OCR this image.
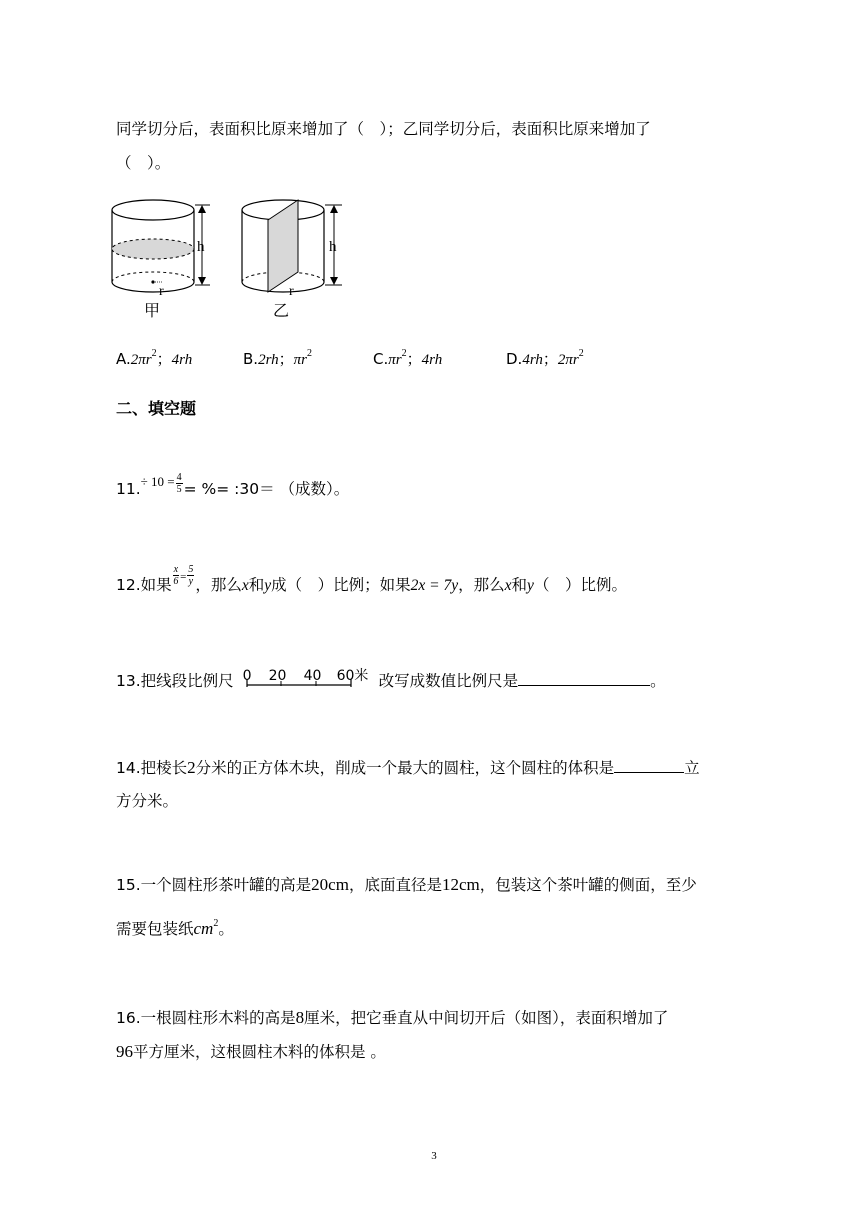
同学切分后，表面积比原来增加了（　）；乙同学切分后，表面积比原来增加了
（　）。
r
h
甲
r
h
乙
$A.2\pi r^2$；4rh	B.2rh；$\pi r^2$	$C.\pi r^2$；4rh	D.4rh；$2\pi r^2$
二、填空题
$11.^{\div 10 =} \frac{4}{5}$ = %= :30＝ （成数）。
12.如果 $\frac{x}{6} ^= \frac{5}{y}$ ，那么x和y成（　）比例；如果2x = 7y，那么x和y（　）比例。
13.把线段比例尺 0 20 40 60米 改写成数值比例尺是	。
14.把棱长2分米的正方体木块，削成一个最大的圆柱，这个圆柱的体积是	立
方分米。
15.一个圆柱形茶叶罐的高是20cm，底面直径是12cm，包装这个茶叶罐的侧面，至少
需要包装纸$cm^2$。
16.一根圆柱形木料的高是8厘米，把它垂直从中间切开后（如图），表面积增加了
96平方厘米，这根圆柱木料的体积是 。
3
